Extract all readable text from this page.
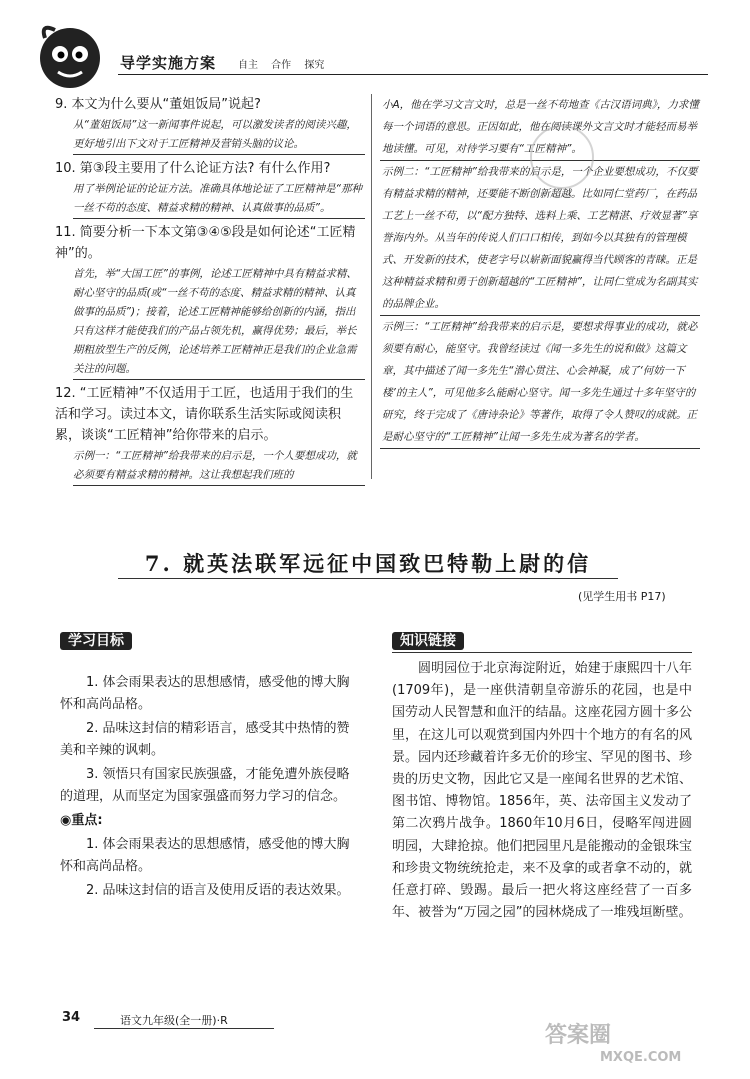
导学实施方案 自主 合作 探究

9. 本文为什么要从“董姐饭局”说起?

从“董姐饭局”这一新闻事件说起，可以激发读者的阅读兴趣，更好地引出下文对于工匠精神及营销头脑的议论。

10. 第③段主要用了什么论证方法? 有什么作用?

用了举例论证的论证方法。准确具体地论证了工匠精神是“那种一丝不苟的态度、精益求精的精神、认真做事的品质”。

11. 简要分析一下本文第③④⑤段是如何论述“工匠精神”的。

首先，举“大国工匠”的事例，论述工匠精神中具有精益求精、耐心坚守的品质(或“一丝不苟的态度、精益求精的精神、认真做事的品质”)；接着，论述工匠精神能够给创新的内涵，指出只有这样才能使我们的产品占领先机，赢得优势；最后，举长期粗放型生产的反例，论述培养工匠精神正是我们的企业急需关注的问题。

12. “工匠精神”不仅适用于工匠，也适用于我们的生活和学习。读过本文，请你联系生活实际或阅读积累，谈谈“工匠精神”给你带来的启示。

示例一：“工匠精神”给我带来的启示是，一个人要想成功，就必须要有精益求精的精神。这让我想起我们班的
小A，他在学习文言文时，总是一丝不苟地查《古汉语词典》，力求懂每一个词语的意思。正因如此，他在阅读课外文言文时才能轻而易举地读懂。可见，对待学习要有“工匠精神”。
示例二：“工匠精神”给我带来的启示是，一个企业要想成功，不仅要有精益求精的精神，还要能不断创新超越。比如同仁堂药厂，在药品工艺上一丝不苟，以“配方独特、选料上乘、工艺精湛、疗效显著”享誉海内外。从当年的传说人们口口相传，到如今以其独有的管理模式、开发新的技术，使老字号以崭新面貌赢得当代顾客的青睐。正是这种精益求精和勇于创新超越的“工匠精神”，让同仁堂成为名副其实的品牌企业。
示例三：“工匠精神”给我带来的启示是，要想求得事业的成功，就必须要有耐心，能坚守。我曾经读过《闻一多先生的说和做》这篇文章，其中描述了闻一多先生“潜心贯注、心会神凝，成了‘何妨一下楼’的主人”，可见他多么能耐心坚守。闻一多先生通过十多年坚守的研究，终于完成了《唐诗杂论》等著作，取得了令人赞叹的成就。正是耐心坚守的“工匠精神”让闻一多先生成为著名的学者。
7. 就英法联军远征中国致巴特勒上尉的信
(见学生用书 P17)
学习目标

1. 体会雨果表达的思想感情，感受他的博大胸怀和高尚品格。

2. 品味这封信的精彩语言，感受其中热情的赞美和辛辣的讽刺。

3. 领悟只有国家民族强盛，才能免遭外族侵略的道理，从而坚定为国家强盛而努力学习的信念。

◉重点:

1. 体会雨果表达的思想感情，感受他的博大胸怀和高尚品格。

2. 品味这封信的语言及使用反语的表达效果。

知识链接
圆明园位于北京海淀附近，始建于康熙四十八年(1709年)，是一座供清朝皇帝游乐的花园，也是中国劳动人民智慧和血汗的结晶。这座花园方圆十多公里，在这儿可以观赏到国内外四十个地方的有名的风景。园内还珍藏着许多无价的珍宝、罕见的图书、珍贵的历史文物，因此它又是一座闻名世界的艺术馆、图书馆、博物馆。1856年，英、法帝国主义发动了第二次鸦片战争。1860年10月6日，侵略军闯进圆明园，大肆抢掠。他们把园里凡是能搬动的金银珠宝和珍贵文物统统抢走，来不及拿的或者拿不动的，就任意打碎、毁踢。最后一把火将这座经营了一百多年、被誉为“万园之园”的园林烧成了一堆残垣断壁。
34	语文九年级(全一册)·R
答案圈
MXQE.COM
